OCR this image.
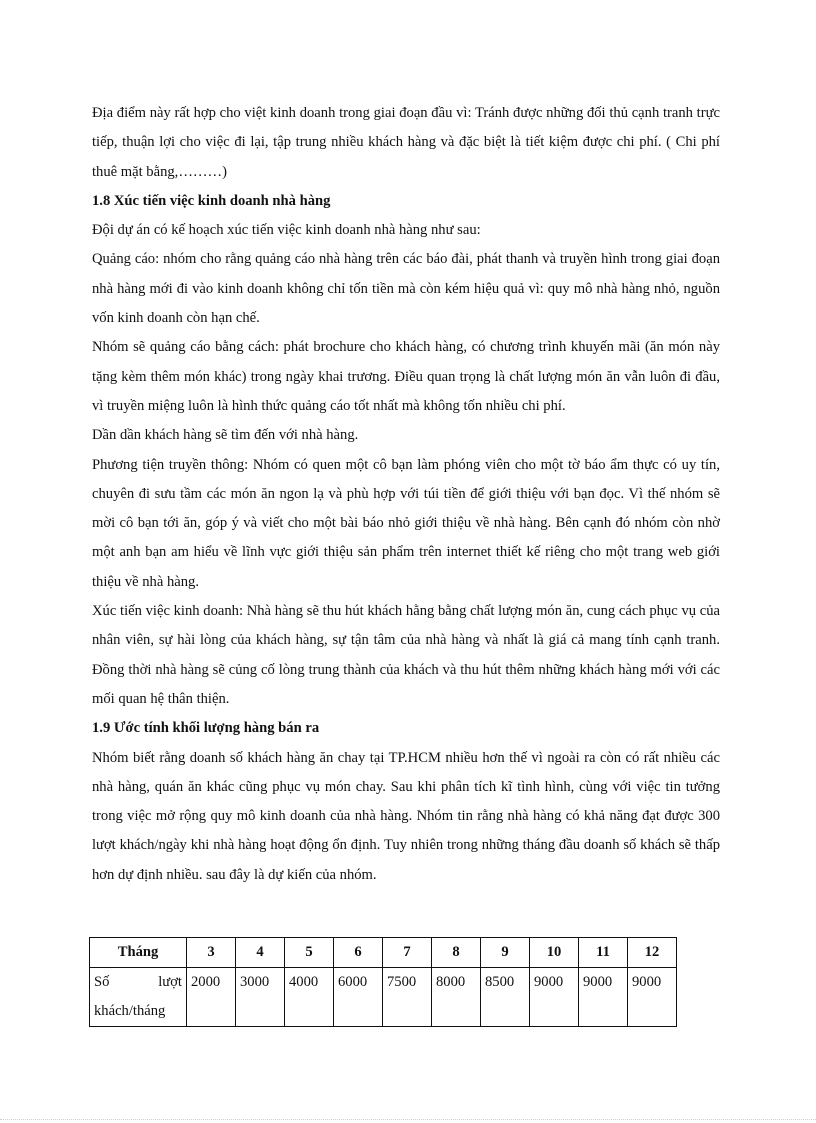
Địa điểm này rất hợp cho việt kinh doanh trong giai đoạn đầu vì: Tránh được những đối thủ cạnh tranh trực tiếp, thuận lợi cho việc đi lại, tập trung nhiều khách hàng và đặc biệt là tiết kiệm được chi phí. ( Chi phí thuê mặt bằng,………)

1.8 Xúc tiến việc kinh doanh nhà hàng

Đội dự án có kế hoạch xúc tiến việc kinh doanh nhà hàng như sau:

Quảng cáo: nhóm cho rằng quảng cáo nhà hàng trên các báo đài, phát thanh và truyền hình trong giai đoạn nhà hàng mới đi vào kinh doanh không chỉ tốn tiền mà còn kém hiệu quả vì: quy mô nhà hàng nhỏ, nguồn vốn kinh doanh còn hạn chế.

Nhóm sẽ quảng cáo bằng cách: phát brochure cho khách hàng, có chương trình khuyến mãi (ăn món này tặng kèm thêm món khác) trong ngày khai trương. Điều quan trọng là chất lượng món ăn vẫn luôn đi đầu, vì truyền miệng luôn là hình thức quảng cáo tốt nhất mà không tốn nhiều chi phí.

Dần dần khách hàng sẽ tìm đến với nhà hàng.

Phương tiện truyền thông: Nhóm có quen một cô bạn làm phóng viên cho một tờ báo ẩm thực có uy tín, chuyên đi sưu tầm các món ăn ngon lạ và phù hợp với túi tiền để giới thiệu với bạn đọc. Vì thế nhóm sẽ mời cô bạn tới ăn, góp ý và viết cho một bài báo nhỏ giới thiệu về nhà hàng. Bên cạnh đó nhóm còn nhờ một anh bạn am hiểu về lĩnh vực giới thiệu sản phẩm trên internet thiết kế riêng cho một trang web giới thiệu về nhà hàng.

Xúc tiến việc kinh doanh: Nhà hàng sẽ thu hút khách hằng bằng chất lượng món ăn, cung cách phục vụ của nhân viên, sự hài lòng của khách hàng, sự tận tâm của nhà hàng và nhất là giá cả mang tính cạnh tranh. Đồng thời nhà hàng sẽ củng cố lòng trung thành của khách và thu hút thêm những khách hàng mới với các mối quan hệ thân thiện.

1.9 Ước tính khối lượng hàng bán ra

Nhóm biết rằng doanh số khách hàng ăn chay tại TP.HCM nhiều hơn thế vì ngoài ra còn có rất nhiều các nhà hàng, quán ăn khác cũng phục vụ món chay. Sau khi phân tích kĩ tình hình, cùng với việc tin tưởng trong việc mở rộng quy mô kinh doanh của nhà hàng. Nhóm tin rằng nhà hàng có khả năng đạt được 300 lượt khách/ngày khi nhà hàng hoạt động ổn định. Tuy nhiên trong những tháng đầu doanh số khách sẽ thấp hơn dự định nhiều. sau đây là dự kiến của nhóm.

Tháng	3	4	5	6	7	8	9	10	11	12
Số lượt khách/tháng	2000	3000	4000	6000	7500	8000	8500	9000	9000	9000
